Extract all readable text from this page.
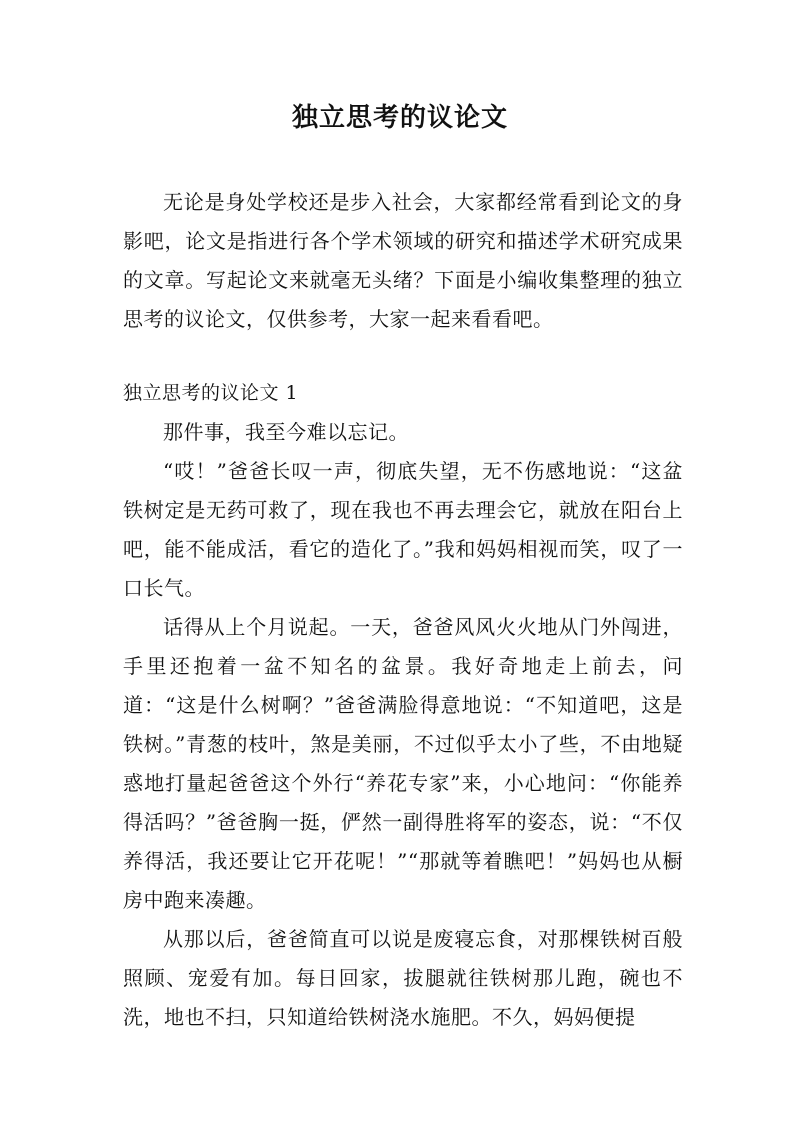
独立思考的议论文

无论是身处学校还是步入社会，大家都经常看到论文的身影吧，论文是指进行各个学术领域的研究和描述学术研究成果的文章。写起论文来就毫无头绪？下面是小编收集整理的独立思考的议论文，仅供参考，大家一起来看看吧。

独立思考的议论文 1

那件事，我至今难以忘记。

“哎！”爸爸长叹一声，彻底失望，无不伤感地说：“这盆铁树定是无药可救了，现在我也不再去理会它，就放在阳台上吧，能不能成活，看它的造化了。”我和妈妈相视而笑，叹了一口长气。

话得从上个月说起。一天，爸爸风风火火地从门外闯进，手里还抱着一盆不知名的盆景。我好奇地走上前去，问道：“这是什么树啊？”爸爸满脸得意地说：“不知道吧，这是铁树。”青葱的枝叶，煞是美丽，不过似乎太小了些，不由地疑惑地打量起爸爸这个外行“养花专家”来，小心地问：“你能养得活吗？”爸爸胸一挺，俨然一副得胜将军的姿态，说：“不仅养得活，我还要让它开花呢！”“那就等着瞧吧！”妈妈也从橱房中跑来凑趣。

从那以后，爸爸简直可以说是废寝忘食，对那棵铁树百般照顾、宠爱有加。每日回家，拔腿就往铁树那儿跑，碗也不洗，地也不扫，只知道给铁树浇水施肥。不久，妈妈便提
